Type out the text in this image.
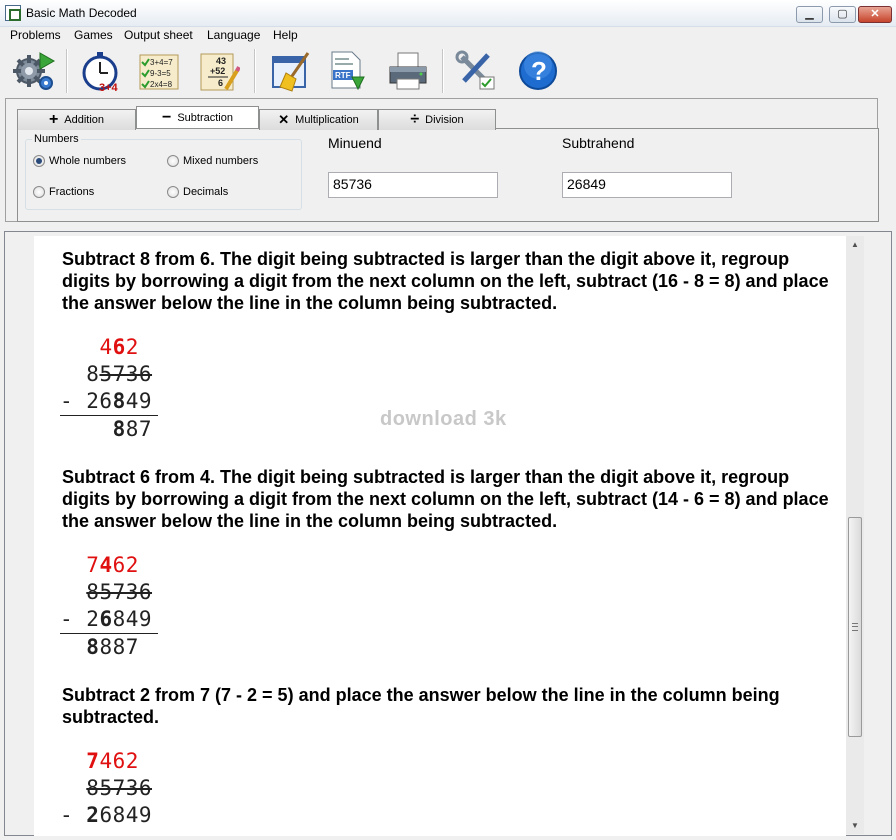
Basic Math Decoded	▁	▢	✕
Problems Games Output sheet Language Help
3+4
3+4=7
9-3=5
2x4=8
43
+52
6
RTF	?
+ Addition	− Subtraction	✕ Multiplication	÷ Division
Numbers
Whole numbers	Mixed numbers
Fractions	Decimals
Minuend
85736
Subtrahend
26849
Subtract 8 from 6. The digit being subtracted is larger than the digit above it, regroup digits by borrowing a digit from the next column on the left, subtract (16 - 8 = 8) and place the answer below the line in the column being subtracted.
462
85736
- 26849
887	download 3k
Subtract 6 from 4. The digit being subtracted is larger than the digit above it, regroup digits by borrowing a digit from the next column on the left, subtract (14 - 6 = 8) and place the answer below the line in the column being subtracted.
7462
85736
- 26849
8887
Subtract 2 from 7 (7 - 2 = 5) and place the answer below the line in the column being subtracted.
7462
85736
- 26849
▲
▼
